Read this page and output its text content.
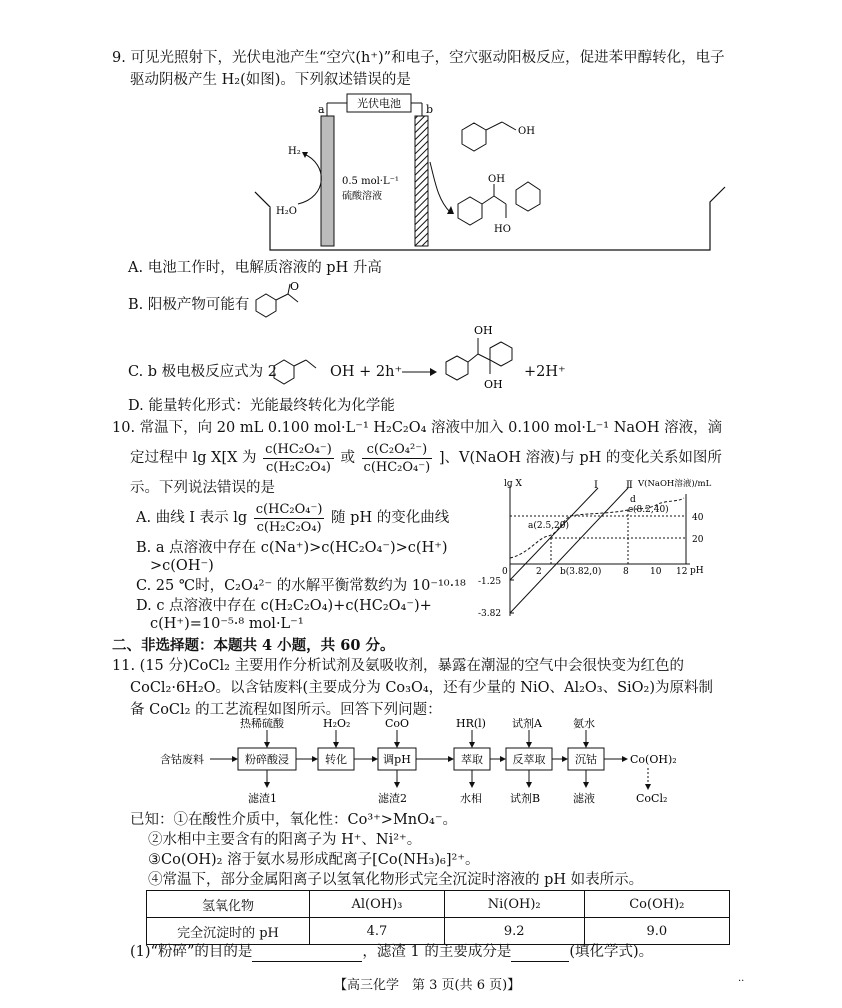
9. 可见光照射下，光伏电池产生“空穴(h⁺)”和电子，空穴驱动阳极反应，促进苯甲醇转化，电子
驱动阴极产生 H₂(如图)。下列叙述错误的是
光伏电池
a	b
H₂
H₂O
0.5 mol·L⁻¹
硫酸溶液
OH
OH
HO
A. 电池工作时，电解质溶液的 pH 升高
B. 阳极产物可能有
O
C. b 极电极反应式为 2	OH + 2h⁺
OH
OH
+2H⁺
D. 能量转化形式：光能最终转化为化学能
10. 常温下，向 20 mL 0.100 mol·L⁻¹ H₂C₂O₄ 溶液中加入 0.100 mol·L⁻¹ NaOH 溶液，滴
定过程中 lg X[X 为 $\frac{\text{c(HC₂O₄⁻)}}{\text{c(H₂C₂O₄)}}$ 或 $\frac{\text{c(C₂O₄²⁻)}}{\text{c(HC₂O₄⁻)}}$ ]、V(NaOH 溶液)与 pH 的变化关系如图所
示。下列说法错误的是
A. 曲线 Ⅰ 表示 $\lg \frac{\text{c(HC₂O₄⁻)}}{\text{c(H₂C₂O₄)}}$ 随 pH 的变化曲线
B. a 点溶液中存在 c(Na⁺)>c(HC₂O₄⁻)>c(H⁺)
>c(OH⁻)
C. 25 ℃时，C₂O₄²⁻ 的水解平衡常数约为 10⁻¹⁰·¹⁸
D. c 点溶液中存在 c(H₂C₂O₄)+c(HC₂O₄⁻)+
c(H⁺)=10⁻⁵·⁸ mol·L⁻¹
lg X	V(NaOH溶液)/mL
pH
0	2	8 10 12
-1.25
-3.82
40
20
Ⅰ	Ⅱ
a(2.5,20)
b(3.82,0)
c(8.2,40)
d
二、非选择题：本题共 4 小题，共 60 分。
11. (15 分)CoCl₂ 主要用作分析试剂及氨吸收剂，暴露在潮湿的空气中会很快变为红色的
CoCl₂·6H₂O。以含钴废料(主要成分为 Co₃O₄，还有少量的 NiO、Al₂O₃、SiO₂)为原料制
备 CoCl₂ 的工艺流程如图所示。回答下列问题：
含钴废料	粉碎酸浸	转化	调pH	萃取	反萃取	沉钴	Co(OH)₂
CoCl₂
热稀硫酸	H₂O₂	CoO	HR(l) 试剂A	氨水
滤渣1	滤渣2	水相	试剂B	滤液
已知：①在酸性介质中，氧化性：Co³⁺>MnO₄⁻。
②水相中主要含有的阳离子为 H⁺、Ni²⁺。
③Co(OH)₂ 溶于氨水易形成配离子[Co(NH₃)₆]²⁺。
④常温下，部分金属阳离子以氢氧化物形式完全沉淀时溶液的 pH 如表所示。
氢氧化物	Al(OH)₃	Ni(OH)₂	Co(OH)₂
完全沉淀时的 pH	4.7	9.2	9.0
(1)“粉碎”的目的是	，滤渣 1 的主要成分是	(填化学式)。
【高三化学　第 3 页(共 6 页)】	··
